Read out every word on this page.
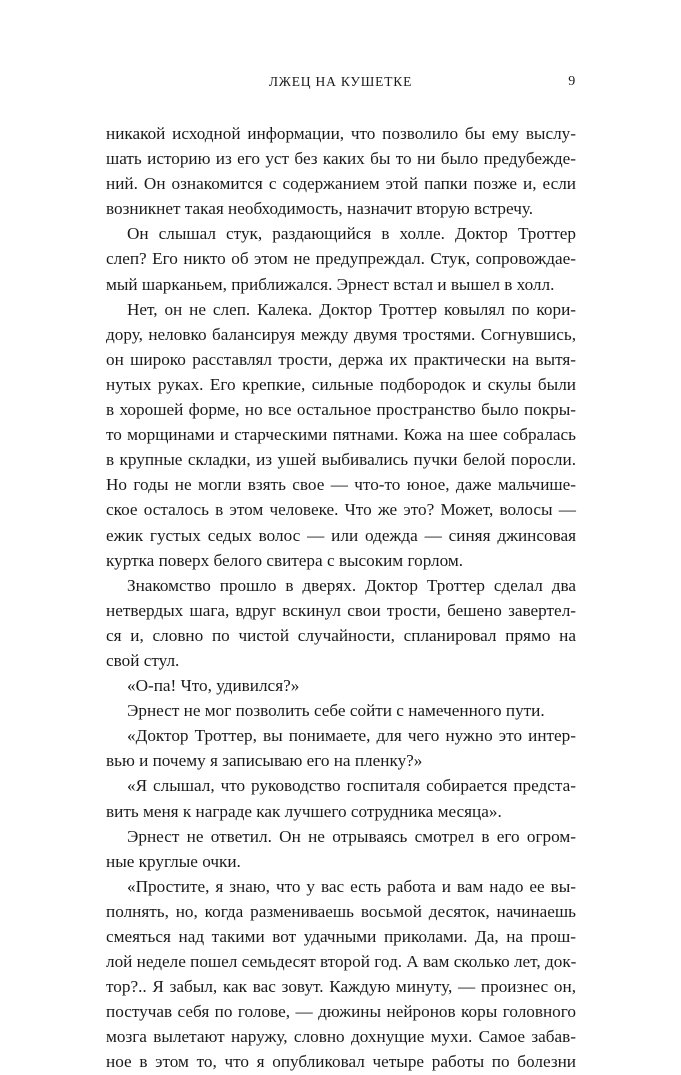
ЛЖЕЦ НА КУШЕТКЕ	9
никакой исходной информации, что позволило бы ему выслу-
шать историю из его уст без каких бы то ни было предубежде-
ний. Он ознакомится с содержанием этой папки позже и, если
возникнет такая необходимость, назначит вторую встречу.
Он слышал стук, раздающийся в холле. Доктор Троттер
слеп? Его никто об этом не предупреждал. Стук, сопровождае-
мый шарканьем, приближался. Эрнест встал и вышел в холл.
Нет, он не слеп. Калека. Доктор Троттер ковылял по кори-
дору, неловко балансируя между двумя тростями. Согнувшись,
он широко расставлял трости, держа их практически на вытя-
нутых руках. Его крепкие, сильные подбородок и скулы были
в хорошей форме, но все остальное пространство было покры-
то морщинами и старческими пятнами. Кожа на шее собралась
в крупные складки, из ушей выбивались пучки белой поросли.
Но годы не могли взять свое — что-то юное, даже мальчише-
ское осталось в этом человеке. Что же это? Может, волосы —
ежик густых седых волос — или одежда — синяя джинсовая
куртка поверх белого свитера с высоким горлом.
Знакомство прошло в дверях. Доктор Троттер сделал два
нетвердых шага, вдруг вскинул свои трости, бешено завертел-
ся и, словно по чистой случайности, спланировал прямо на
свой стул.
«О-па! Что, удивился?»
Эрнест не мог позволить себе сойти с намеченного пути.
«Доктор Троттер, вы понимаете, для чего нужно это интер-
вью и почему я записываю его на пленку?»
«Я слышал, что руководство госпиталя собирается предста-
вить меня к награде как лучшего сотрудника месяца».
Эрнест не ответил. Он не отрываясь смотрел в его огром-
ные круглые очки.
«Простите, я знаю, что у вас есть работа и вам надо ее вы-
полнять, но, когда размениваешь восьмой десяток, начинаешь
смеяться над такими вот удачными приколами. Да, на прош-
лой неделе пошел семьдесят второй год. А вам сколько лет, док-
тор?.. Я забыл, как вас зовут. Каждую минуту, — произнес он,
постучав себя по голове, — дюжины нейронов коры головного
мозга вылетают наружу, словно дохнущие мухи. Самое забав-
ное в этом то, что я опубликовал четыре работы по болезни
